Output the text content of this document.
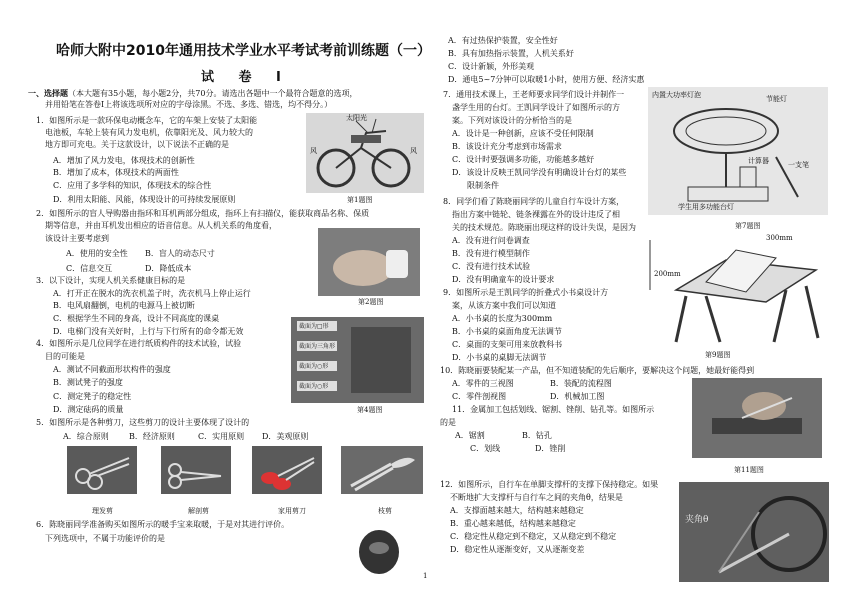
哈师大附中2010年通用技术学业水平考试考前训练题（一）
试 卷 Ⅰ
一、选择题（本大题有35小题，每小题2分，共70分。请选出各题中一个最符合题意的选项，
并用铅笔在答卷Ⅰ上将该选项所对应的字母涂黑。不选、多选、错选，均不得分。）
1．如图所示是一款环保电动概念车，它的车架上安装了太阳能
电池板，车轮上装有风力发电机，依靠阳光及、风力较大的
地方即可充电。关于这款设计，以下说法不正确的是
A．增加了风力发电，体现技术的创新性
B．增加了成本，体现技术的两面性
C．应用了多学科的知识，体现技术的综合性
D．利用太阳能、风能，体现设计的可持续发展原则
太阳光
风	风
第1题图
2．如图所示的盲人导购器由指环和耳机两部分组成，指环上有扫描仪，能获取商品名称、保质
期等信息，并由耳机发出相应的语音信息。从人机关系的角度看，
该设计主要考虑到
A．使用的安全性 B．盲人的动态尺寸
C．信息交互	D．降低成本
第2题图
3．以下设计，实现人机关系健康目标的是
A．打开正在脱水的洗衣机盖子时，洗衣机马上停止运行
B．电风扇翻倒，电机的电源马上被切断
C．根据学生不同的身高，设计不同高度的课桌
D．电梯门没有关好时，上行与下行所有的命令都无效
4．如图所示是几位同学在进行纸质构件的技术试验，试验
目的可能是
A．测试不同截面形状构件的强度
B．测试凳子的强度
C．测定凳子的稳定性
D．测定砝码的质量
截面为□形
截面为三角形
截面为○形
截面为○形
第4题图
5．如图所示是各种剪刀，这些剪刀的设计主要体现了设计的
A．综合原则	B．经济原则	C．实用原则 D．美观原则
理发剪	解剖剪	家用剪刀	枝剪
6．陈晓丽同学准备购买如图所示的暖手宝来取暖，于是对其进行评价。
下列选项中，不属于功能评价的是
1
A．有过热保护装置，安全性好
B．具有加热指示装置，人机关系好
C．设计新颖，外形美观
D．通电5~7分钟可以取暖1小时，使用方便、经济实惠
7．通用技术课上，王老师要求同学们设计并制作一
盏学生用的台灯。王凯同学设计了如图所示的方
案。下列对该设计的分析恰当的是
A．设计是一种创新，应该不受任何限制
B．该设计充分考虑到市场需求
C．设计时要强调多功能，功能越多越好
D．该设计反映王凯同学没有明确设计台灯的某些
限制条件
内置大功率灯泡	节能灯
计算器	一支笔
学生用多功能台灯
第7题图
8．同学们看了陈晓丽同学的儿童自行车设计方案，
指出方案中链轮、链条裸露在外的设计违反了相
关的技术规范。陈晓丽出现这样的设计失误，是因为
A．没有进行问卷调查
B．没有进行模型制作
C．没有进行技术试验
D．没有明确童车的设计要求
9．如图所示是王凯同学的折叠式小书桌设计方
案，从该方案中我们可以知道
A．小书桌的长度为300mm
B．小书桌的桌面角度无法调节
C．桌面的支架可用来放教科书
D．小书桌的桌脚无法调节
300mm
200mm
第9题图
10．陈晓丽要装配某一产品，但不知道装配的先后顺序，要解决这个问题，她最好能得到
A．零件的三视图	B．装配的流程图
C．零件剖视图	D．机械加工图
11．金属加工包括划线、锯割、锉削、钻孔等。如图所示
的是
A．锯割	B．钻孔
C．划线	D．锉削
第11题图
12．如图所示，自行车在单脚支撑杆的支撑下保持稳定。如果
不断地扩大支撑杆与自行车之间的夹角θ，结果是
A．支撑面越来越大，结构越来越稳定
B．重心越来越低，结构越来越稳定
C．稳定性从稳定到不稳定，又从稳定到不稳定
D．稳定性从逐渐变好，又从逐渐变差
夹角θ
